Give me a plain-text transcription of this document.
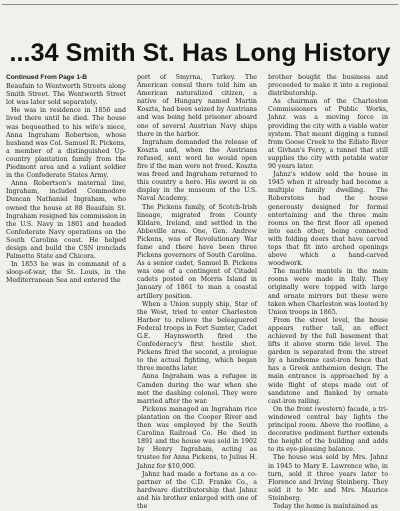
...34 Smith St. Has Long History
Continued From Page 1-B

Beaufain to Wentworth Streets along Smith Street. The Wentworth Street lot was later sold separately.

He was in residence in 1856 and lived there until he died. The house was bequeathed to his wife's niece, Anna Ingraham Robertson, whose husband was Col. Samuel R. Pickens, a member of a distinguished Up-country plantation family from the Piedmont area and a valiant soldier in the Confederate States Army.

Anna Robertson's maternal line, Ingraham, included Commodore Duncan Nathaniel Ingraham, who owned the house at 88 Beaufain St. Ingraham resigned his commission in the U.S. Navy in 1861 and headed Confederate Navy operations on the South Carolina coast. He helped design and build the CSN ironclads Palmetto State and Chicora.

In 1853 he was in command of a sloop-of-war, the St. Louis, in the Mediterranean Sea and entered the

port of Smyrna, Turkey. The American consul there told him an American naturalized citizen, a native of Hungary named Martin Koszta, had been seized by Austrians and was being held prisoner aboard one of several Austrian Navy ships there in the harbor.

Ingraham demanded the release of Koszta and, when the Austrians refused, sent word he would open fire if the man were not freed. Koszta was freed and Ingraham returned to this country a hero. His sword is on display in the museum of the U.S. Naval Academy.

The Pickens family, of Scotch-Irish lineage, migrated from County Kildare, Ireland, and settled in the Abbeville area. One, Gen. Andrew Pickens, was of Revolutionary War fame and there have been three Pickens governors of South Carolina. As a senior cadet, Samuel B. Pickens was one of a contingent of Citadel cadets posted on Morris Island in January of 1861 to man a coastal artillery position.

When a Union supply ship, Star of the West, tried to enter Charleston Harbor to relieve the beleaguered Federal troops in Fort Sumter, Cadet G.E. Haynsworth fired the Confederacy's first hostile shot. Pickens fired the second, a prologue to the actual fighting, which began three months later.

Anna Ingraham was a refugee in Camden during the war when she met the dashing colonel. They were married after the war.

Pickens managed an Ingraham rice plantation on the Cooper River and then was employed by the South Carolina Railroad Co. He died in 1891 and the house was sold in 1902 by Henry Ingraham, acting as trustee for Anna Pickens, to Julius H. Jahnz for $10,000.

Jahnz had made a fortune as a co-partner of the C.D. Franke Co., a hardware distributorship that Jahnz and his brother enlarged with one of the

brother bought the business and proceeded to make it into a regional distributorship.

As chairman of the Charleston Commissioners of Public Works, Jahnz was a moving force in providing the city with a viable water system. That meant digging a tunnel from Goose Creek to the Edisto River at Givhan's Ferry, a tunnel that still supplies the city with potable water 90 years later.

Jahnz's widow sold the house in 1945 when it already had become a multiple family dwelling. The Roberstons had the house generously designed for formal entertaining and the three main rooms on the first floor all opened into each other, being connected with folding doors that have carved tops that fit into arched openings above which a hand-carved woodwork.

The marble mantels in the main rooms were made in Italy. They originally were topped with large and ornate mirrors but these were taken when Charleston was looted by Union troops in 1865.

From the street level, the house appears rather tall, an effect achieved by the full basement that lifts it above storm tide level. The garden is separated from the street by a handsome cast-iron fence that has a Greek anthemion design. The main entrance is approached by a wide flight of steps made out of sandstone and flanked by ornate cast-iron railing.

On the front (western) facade, a tri-windowed central bay lights the principal room. Above the roofline, a decorative pediment further extends the height of the building and adds to its eye-pleasing balance.

The house was sold by Mrs. Jahnz in 1945 to Mary E. Lawrence who, in turn, sold it three years later to Florence and Irving Steinberg. They sold it to Mr. and Mrs. Maurice Steinberg.

Today the home is maintained as
